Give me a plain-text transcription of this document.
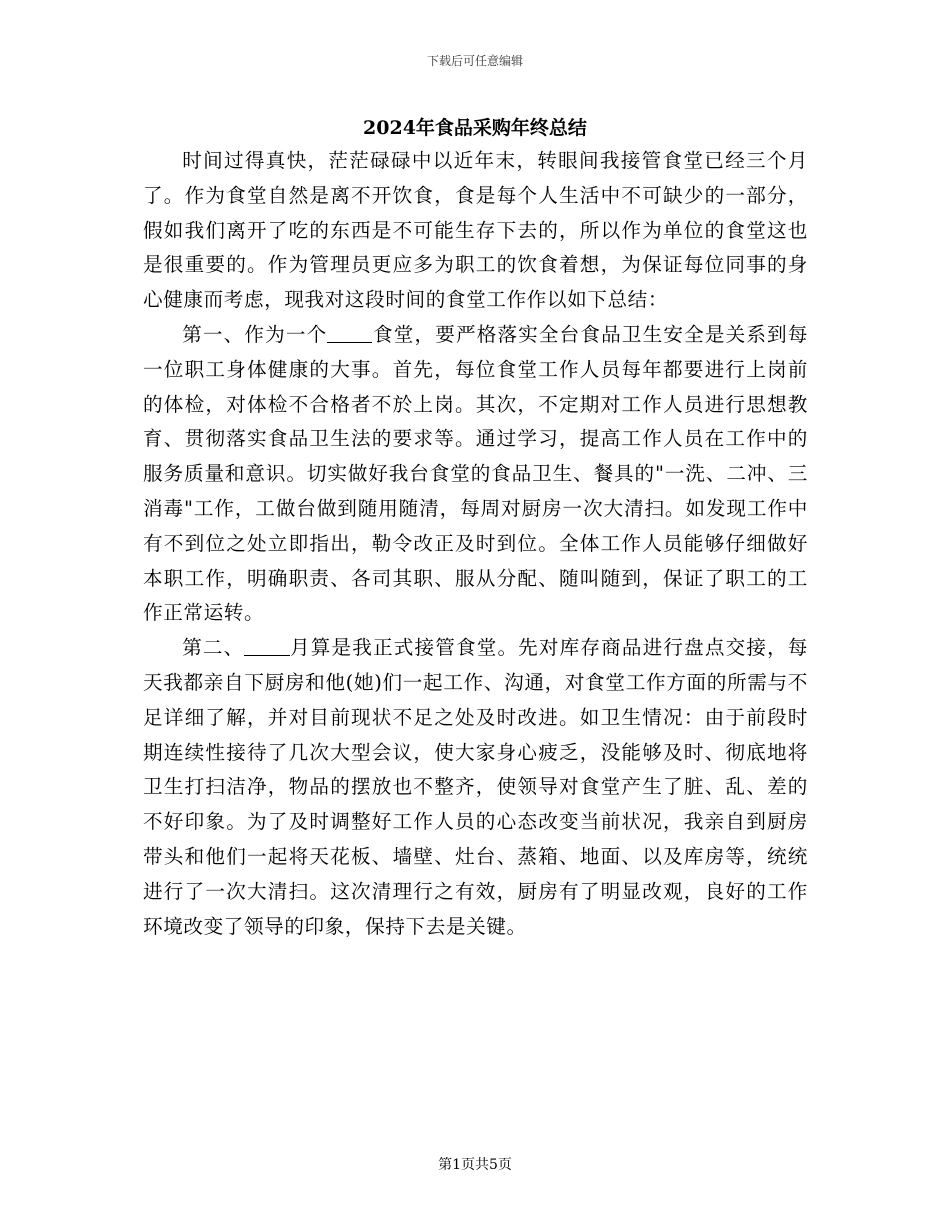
下载后可任意编辑
2024年食品采购年终总结

时间过得真快，茫茫碌碌中以近年末，转眼间我接管食堂已经三个月了。作为食堂自然是离不开饮食，食是每个人生活中不可缺少的一部分，假如我们离开了吃的东西是不可能生存下去的，所以作为单位的食堂这也是很重要的。作为管理员更应多为职工的饮食着想，为保证每位同事的身心健康而考虑，现我对这段时间的食堂工作作以如下总结：

第一、作为一个 食堂，要严格落实全台食品卫生安全是关系到每一位职工身体健康的大事。首先，每位食堂工作人员每年都要进行上岗前的体检，对体检不合格者不於上岗。其次，不定期对工作人员进行思想教育、贯彻落实食品卫生法的要求等。通过学习，提高工作人员在工作中的服务质量和意识。切实做好我台食堂的食品卫生、餐具的"一洗、二冲、三消毒"工作，工做台做到随用随清，每周对厨房一次大清扫。如发现工作中有不到位之处立即指出，勒令改正及时到位。全体工作人员能够仔细做好本职工作，明确职责、各司其职、服从分配、随叫随到，保证了职工的工作正常运转。

第二、 月算是我正式接管食堂。先对库存商品进行盘点交接，每天我都亲自下厨房和他(她)们一起工作、沟通，对食堂工作方面的所需与不足详细了解，并对目前现状不足之处及时改进。如卫生情况：由于前段时期连续性接待了几次大型会议，使大家身心疲乏，没能够及时、彻底地将卫生打扫洁净，物品的摆放也不整齐，使领导对食堂产生了脏、乱、差的不好印象。为了及时调整好工作人员的心态改变当前状况，我亲自到厨房带头和他们一起将天花板、墙壁、灶台、蒸箱、地面、以及库房等，统统进行了一次大清扫。这次清理行之有效，厨房有了明显改观，良好的工作环境改变了领导的印象，保持下去是关键。

第1页共5页
